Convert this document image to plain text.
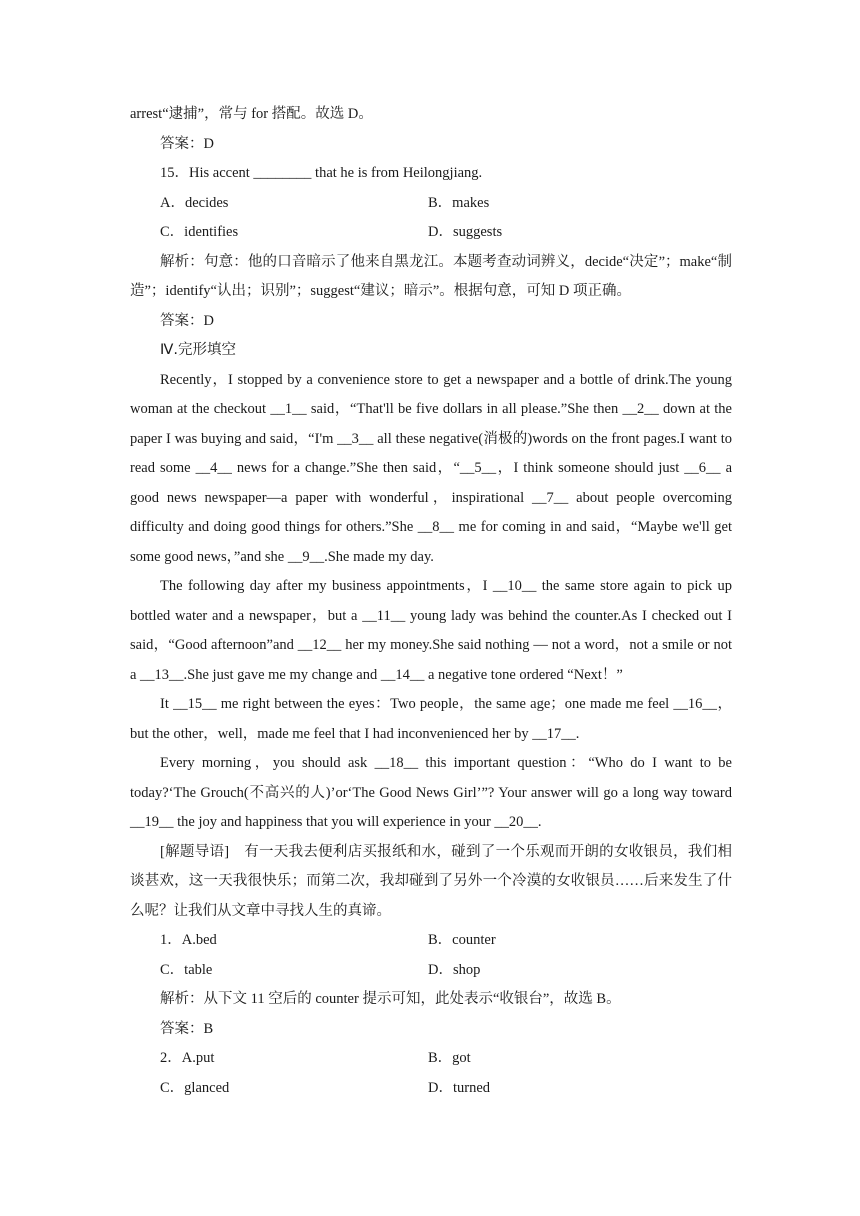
arrest“逮捕”，常与 for 搭配。故选 D。

答案：D

15．His accent ________ that he is from Heilongjiang.

A．decides	B．makes
C．identifies	D．suggests

解析：句意：他的口音暗示了他来自黑龙江。本题考查动词辨义，decide“决定”；make“制造”；identify“认出；识别”；suggest“建议；暗示”。根据句意，可知 D 项正确。

答案：D

Ⅳ.完形填空

Recently，I stopped by a convenience store to get a newspaper and a bottle of drink.The young woman at the checkout __1__ said，“That'll be five dollars in all please.”She then __2__ down at the paper I was buying and said，“I'm __3__ all these negative(消极的)words on the front pages.I want to read some __4__ news for a change.”She then said，“__5__，I think someone should just __6__ a good news newspaper—a paper with wonderful，inspirational __7__ about people overcoming difficulty and doing good things for others.”She __8__ me for coming in and said，“Maybe we'll get some good news，”and she __9__.She made my day.

The following day after my business appointments，I __10__ the same store again to pick up bottled water and a newspaper，but a __11__ young lady was behind the counter.As I checked out I said，“Good afternoon”and __12__ her my money.She said nothing — not a word，not a smile or not a __13__.She just gave me my change and __14__ a negative tone ordered “Next！”

It __15__ me right between the eyes：Two people，the same age；one made me feel __16__，but the other，well，made me feel that I had inconvenienced her by __17__.

Every morning，you should ask __18__ this important question：“Who do I want to be today?‘The Grouch(不高兴的人)’or‘The Good News Girl’”? Your answer will go a long way toward __19__ the joy and happiness that you will experience in your __20__.

[解题导语]　有一天我去便利店买报纸和水，碰到了一个乐观而开朗的女收银员，我们相谈甚欢，这一天我很快乐；而第二次，我却碰到了另外一个冷漠的女收银员……后来发生了什么呢？让我们从文章中寻找人生的真谛。

1．A.bed	B．counter
C．table	D．shop

解析：从下文 11 空后的 counter 提示可知，此处表示“收银台”，故选 B。

答案：B

2．A.put	B．got
C．glanced	D．turned
